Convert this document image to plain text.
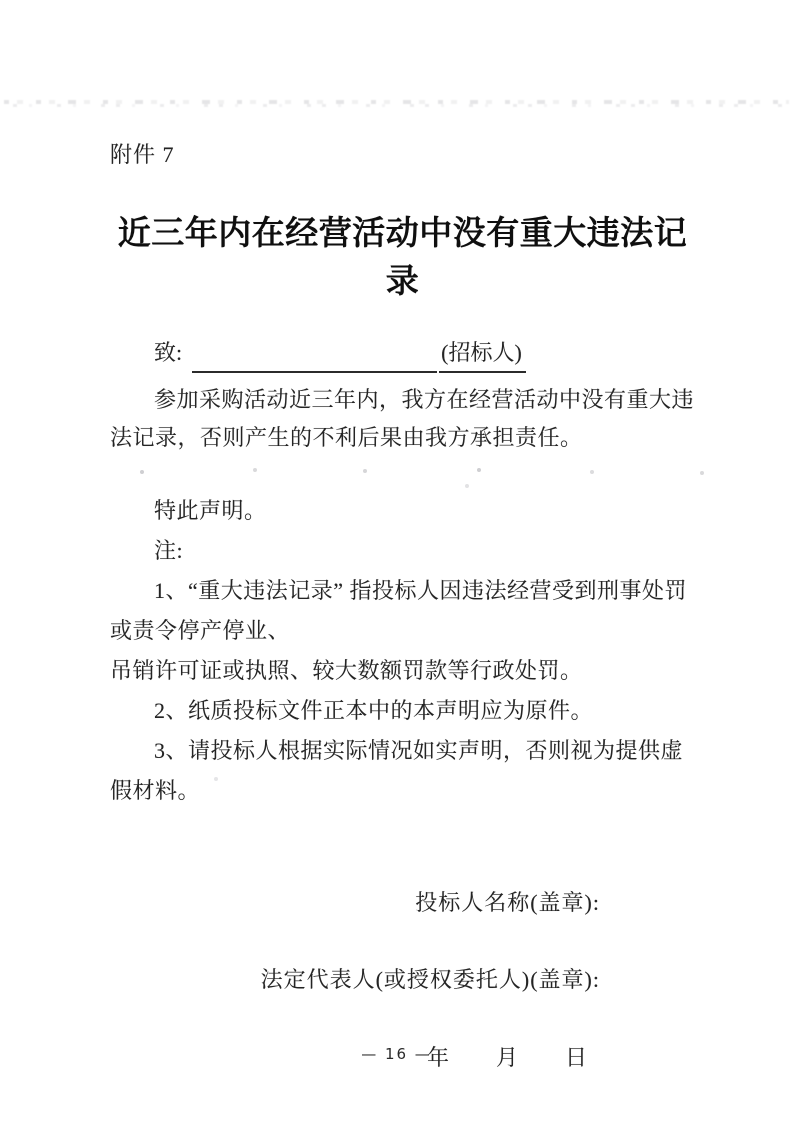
附件 7
近三年内在经营活动中没有重大违法记录
致:	(招标人)

参加采购活动近三年内，我方在经营活动中没有重大违法记录，否则产生的不利后果由我方承担责任。

特此声明。

注:

1、“重大违法记录” 指投标人因违法经营受到刑事处罚或责令停产停业、

吊销许可证或执照、较大数额罚款等行政处罚。

2、纸质投标文件正本中的本声明应为原件。

3、请投标人根据实际情况如实声明，否则视为提供虚假材料。

投标人名称(盖章):

法定代表人(或授权委托人)(盖章):

年　　月　　日

— 16 —
